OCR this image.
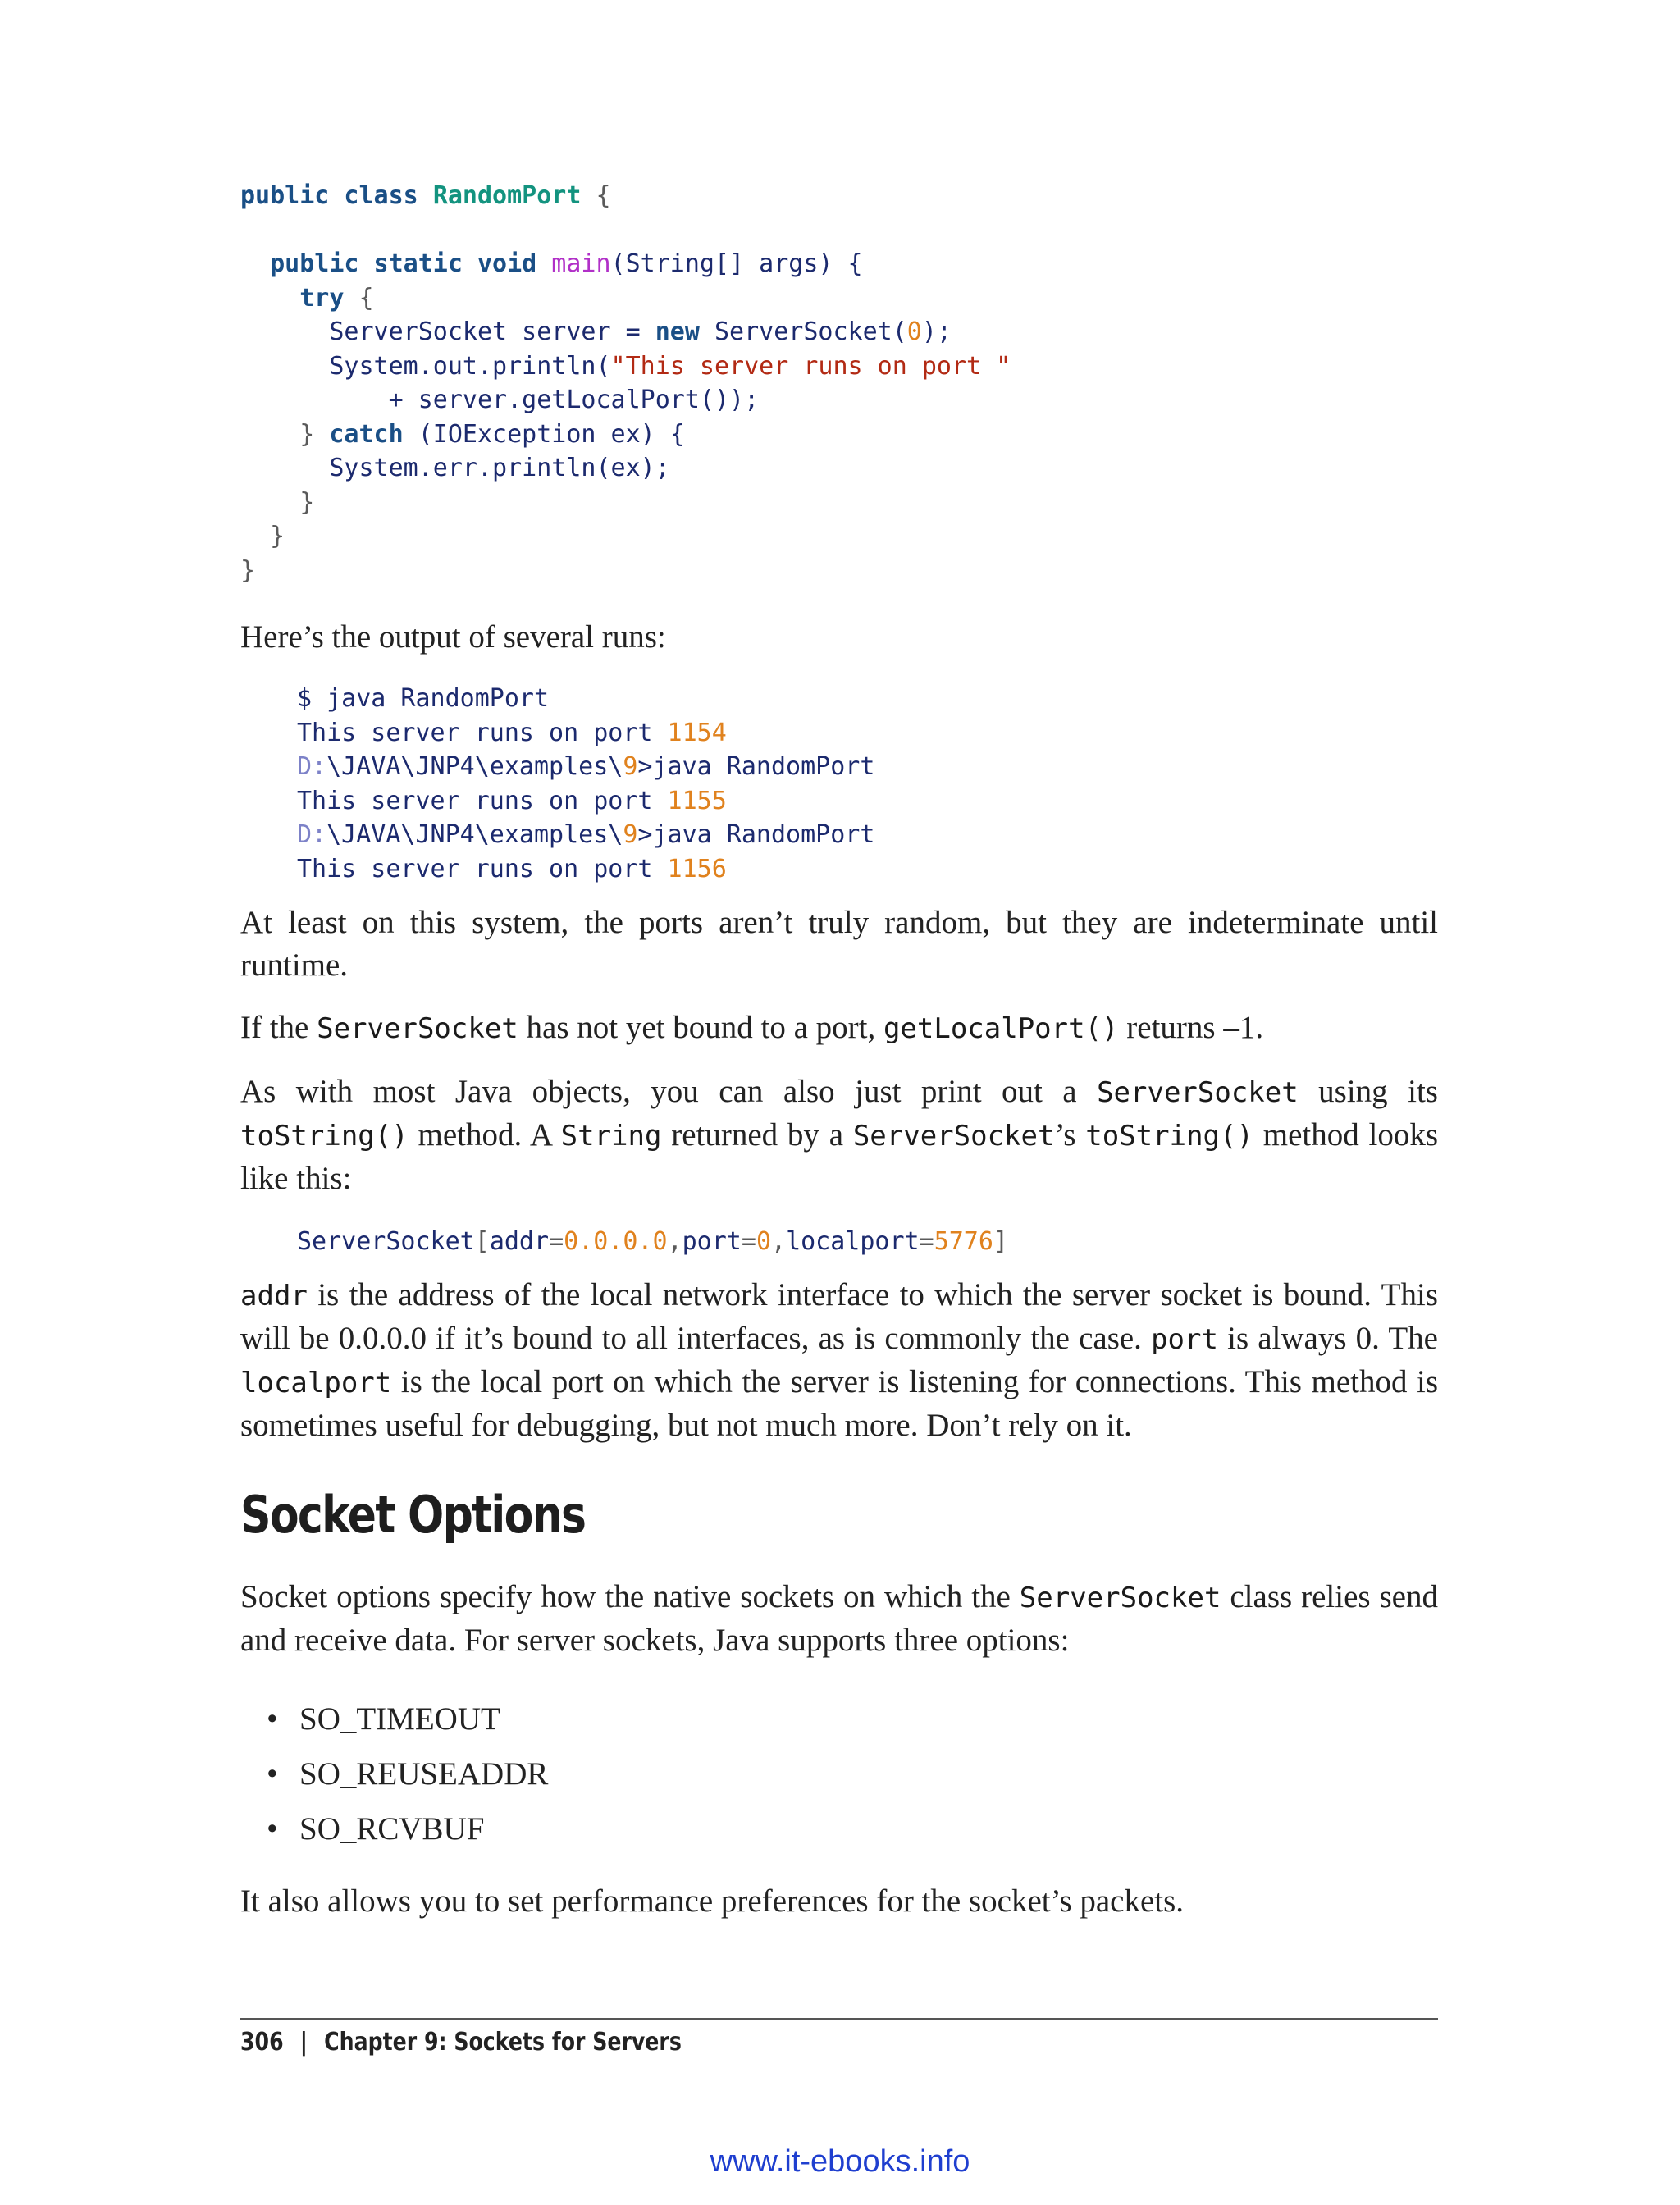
public class RandomPort {

public static void main(String[] args) {
try {
ServerSocket server = new ServerSocket(0);
System.out.println("This server runs on port "
+ server.getLocalPort());
} catch (IOException ex) {
System.err.println(ex);
}
}
}

Here’s the output of several runs:

$ java RandomPort
This server runs on port 1154
D:\JAVA\JNP4\examples\9>java RandomPort
This server runs on port 1155
D:\JAVA\JNP4\examples\9>java RandomPort
This server runs on port 1156

At least on this system, the ports aren’t truly random, but they are indeterminate until runtime.

If the ServerSocket has not yet bound to a port, getLocalPort() returns –1.

As with most Java objects, you can also just print out a ServerSocket using its toString() method. A String returned by a ServerSocket’s toString() method looks like this:

ServerSocket[addr=0.0.0.0,port=0,localport=5776]

addr is the address of the local network interface to which the server socket is bound. This will be 0.0.0.0 if it’s bound to all interfaces, as is commonly the case. port is always 0. The localport is the local port on which the server is listening for connections. This method is sometimes useful for debugging, but not much more. Don’t rely on it.

Socket Options

Socket options specify how the native sockets on which the ServerSocket class relies send and receive data. For server sockets, Java supports three options:

• SO_TIMEOUT
• SO_REUSEADDR
• SO_RCVBUF

It also allows you to set performance preferences for the socket’s packets.

306 | Chapter 9: Sockets for Servers
www.it-ebooks.info
